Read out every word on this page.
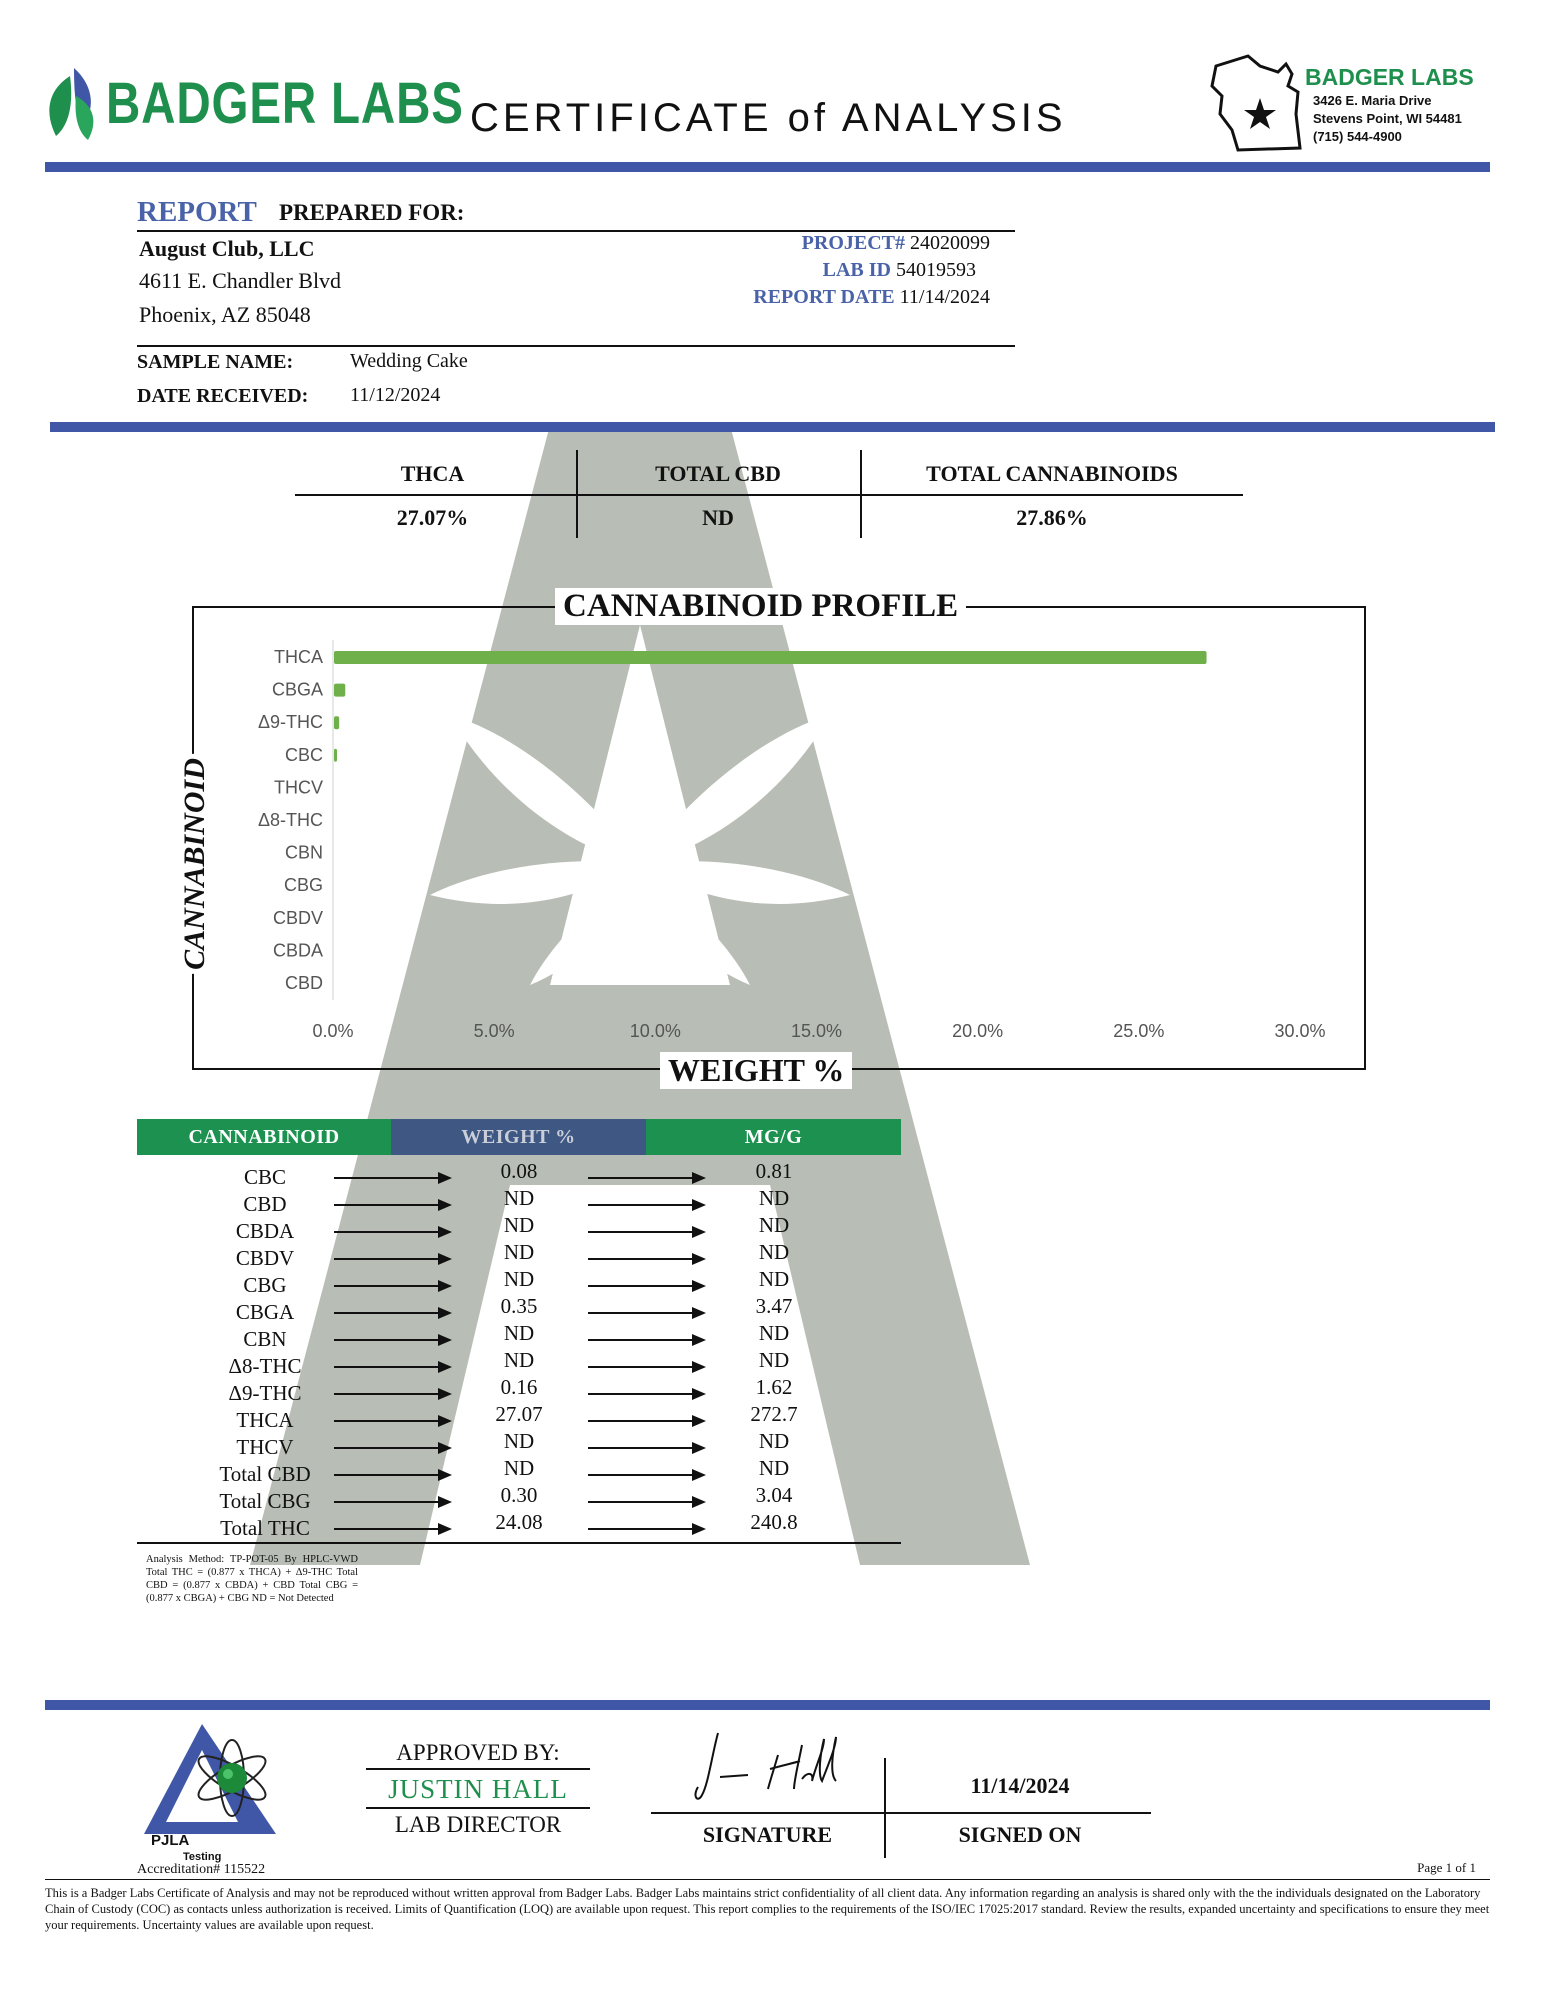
BADGER LABS CERTIFICATE of ANALYSIS
BADGER LABS
3426 E. Maria Drive
Stevens Point, WI 54481
(715) 544-4900
REPORT PREPARED FOR:
August Club, LLC
4611 E. Chandler Blvd
Phoenix, AZ 85048
PROJECT# 24020099
LAB ID 54019593
REPORT DATE 11/14/2024
SAMPLE NAME:	Wedding Cake
DATE RECEIVED: 11/12/2024
THCA	TOTAL CBD	TOTAL CANNABINOIDS
27.07%	ND	27.86%
CANNABINOID PROFILE
WEIGHT %
CANNABINOID
THCA
CBGA
Δ9-THC
CBC
THCV
Δ8-THC
CBN
CBG
CBDV
CBDA
CBD
0.0%	5.0%	10.0%	15.0%	20.0%	25.0%	30.0%
CANNABINOID	WEIGHT %	MG/G
CBC	0.08	0.81
CBD	ND	ND
CBDA	ND	ND
CBDV	ND	ND
CBG	ND	ND
CBGA	0.35	3.47
CBN	ND	ND
Δ8-THC	ND	ND
Δ9-THC	0.16	1.62
THCA	27.07	272.7
THCV	ND	ND
Total CBD	ND	ND
Total CBG	0.30	3.04
Total THC	24.08	240.8
Analysis Method: TP-POT-05 By HPLC-VWD Total THC = (0.877 x THCA) + Δ9-THC Total CBD = (0.877 x CBDA) + CBD Total CBG = (0.877 x CBGA) + CBG ND = Not Detected
PJLA
Testing
Accreditation# 115522
APPROVED BY:
JUSTIN HALL
LAB DIRECTOR
11/14/2024
SIGNATURE	SIGNED ON
Page 1 of 1
This is a Badger Labs Certificate of Analysis and may not be reproduced without written approval from Badger Labs. Badger Labs maintains strict confidentiality of all client data. Any information regarding an analysis is shared only with the the individuals designated on the Laboratory Chain of Custody (COC) as contacts unless authorization is received. Limits of Quantification (LOQ) are available upon request. This report complies to the requirements of the ISO/IEC 17025:2017 standard. Review the results, expanded uncertainty and specifications to ensure they meet your requirements. Uncertainty values are available upon request.
